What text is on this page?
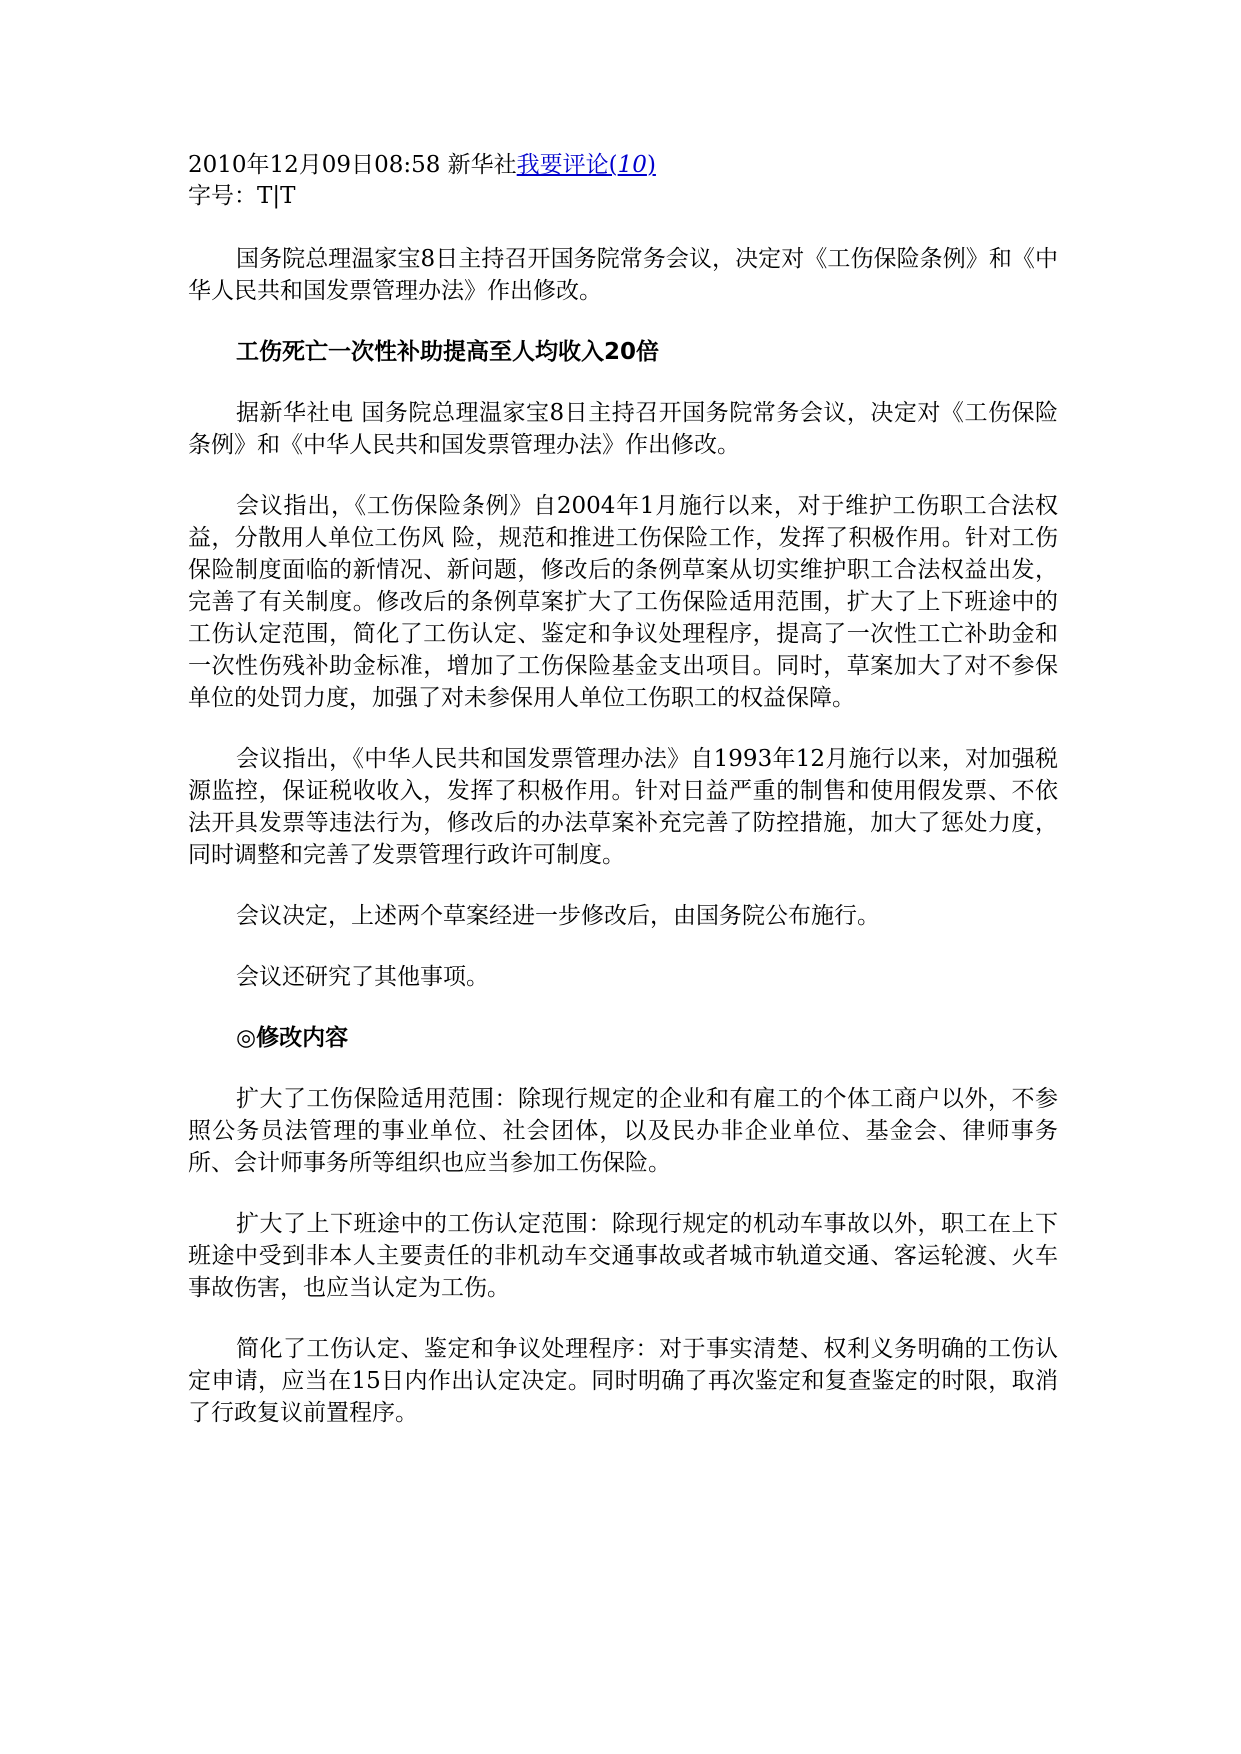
2010年12月09日08:58 新华社我要评论(10)
字号：T|T

国务院总理温家宝8日主持召开国务院常务会议，决定对《工伤保险条例》和《中华人民共和国发票管理办法》作出修改。

工伤死亡一次性补助提高至人均收入20倍

据新华社电 国务院总理温家宝8日主持召开国务院常务会议，决定对《工伤保险条例》和《中华人民共和国发票管理办法》作出修改。

会议指出，《工伤保险条例》自2004年1月施行以来，对于维护工伤职工合法权益，分散用人单位工伤风 险，规范和推进工伤保险工作，发挥了积极作用。针对工伤保险制度面临的新情况、新问题，修改后的条例草案从切实维护职工合法权益出发，完善了有关制度。修改后的条例草案扩大了工伤保险适用范围，扩大了上下班途中的工伤认定范围，简化了工伤认定、鉴定和争议处理程序，提高了一次性工亡补助金和一次性伤残补助金标准，增加了工伤保险基金支出项目。同时，草案加大了对不参保单位的处罚力度，加强了对未参保用人单位工伤职工的权益保障。

会议指出，《中华人民共和国发票管理办法》自1993年12月施行以来，对加强税源监控，保证税收收入，发挥了积极作用。针对日益严重的制售和使用假发票、不依法开具发票等违法行为，修改后的办法草案补充完善了防控措施，加大了惩处力度，同时调整和完善了发票管理行政许可制度。

会议决定，上述两个草案经进一步修改后，由国务院公布施行。

会议还研究了其他事项。

◎修改内容

扩大了工伤保险适用范围：除现行规定的企业和有雇工的个体工商户以外，不参照公务员法管理的事业单位、社会团体，以及民办非企业单位、基金会、律师事务所、会计师事务所等组织也应当参加工伤保险。

扩大了上下班途中的工伤认定范围：除现行规定的机动车事故以外，职工在上下班途中受到非本人主要责任的非机动车交通事故或者城市轨道交通、客运轮渡、火车事故伤害，也应当认定为工伤。

简化了工伤认定、鉴定和争议处理程序：对于事实清楚、权利义务明确的工伤认定申请，应当在15日内作出认定决定。同时明确了再次鉴定和复查鉴定的时限，取消了行政复议前置程序。
